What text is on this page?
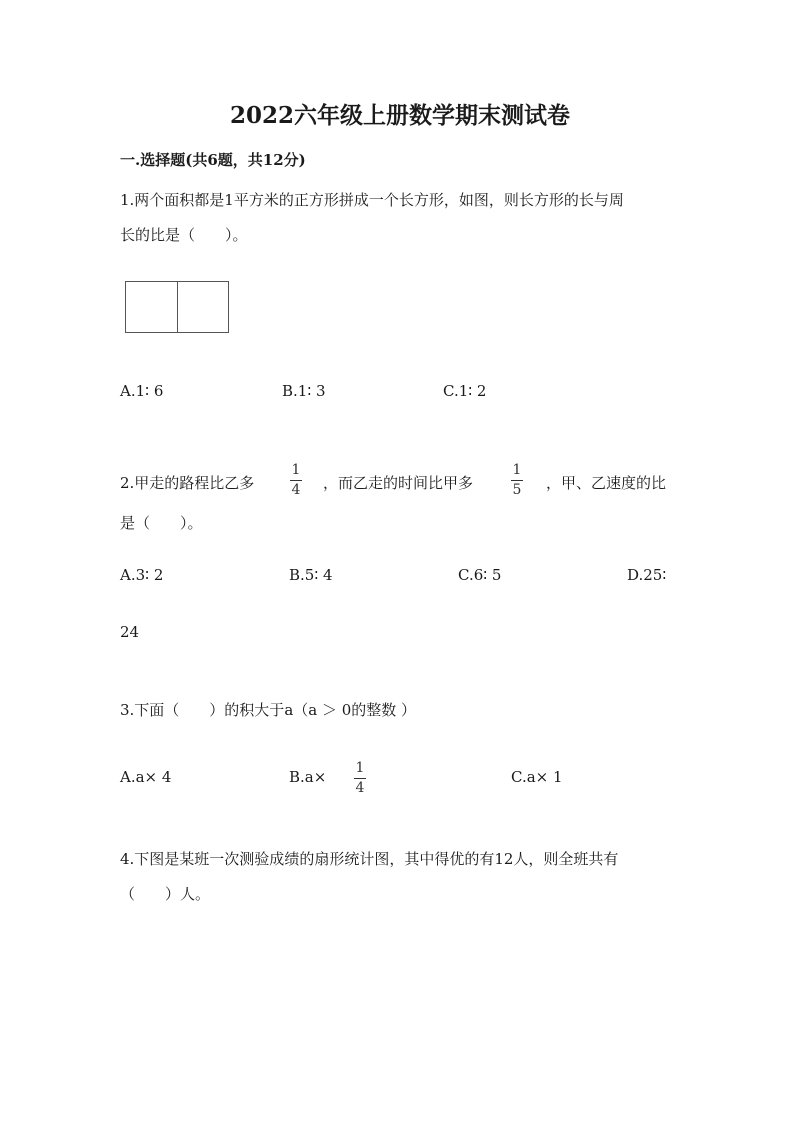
2022六年级上册数学期末测试卷
一.选择题(共6题，共12分)
1.两个面积都是1平方米的正方形拼成一个长方形，如图，则长方形的长与周
长的比是（　　）。
A.1∶ 6	B.1∶ 3	C.1∶ 2
2.甲走的路程比乙多
1
4 ，而乙走的时间比甲多
1
5 ，甲、乙速度的比
是（　　）。
A.3∶ 2	B.5∶ 4	C.6∶ 5	D.25∶
24
3.下面（　　）的积大于a（a ＞ 0的整数 ）
A.a× 4	B.a× 1
4
C.a× 1
4.下图是某班一次测验成绩的扇形统计图，其中得优的有12人，则全班共有
（　　）人。
